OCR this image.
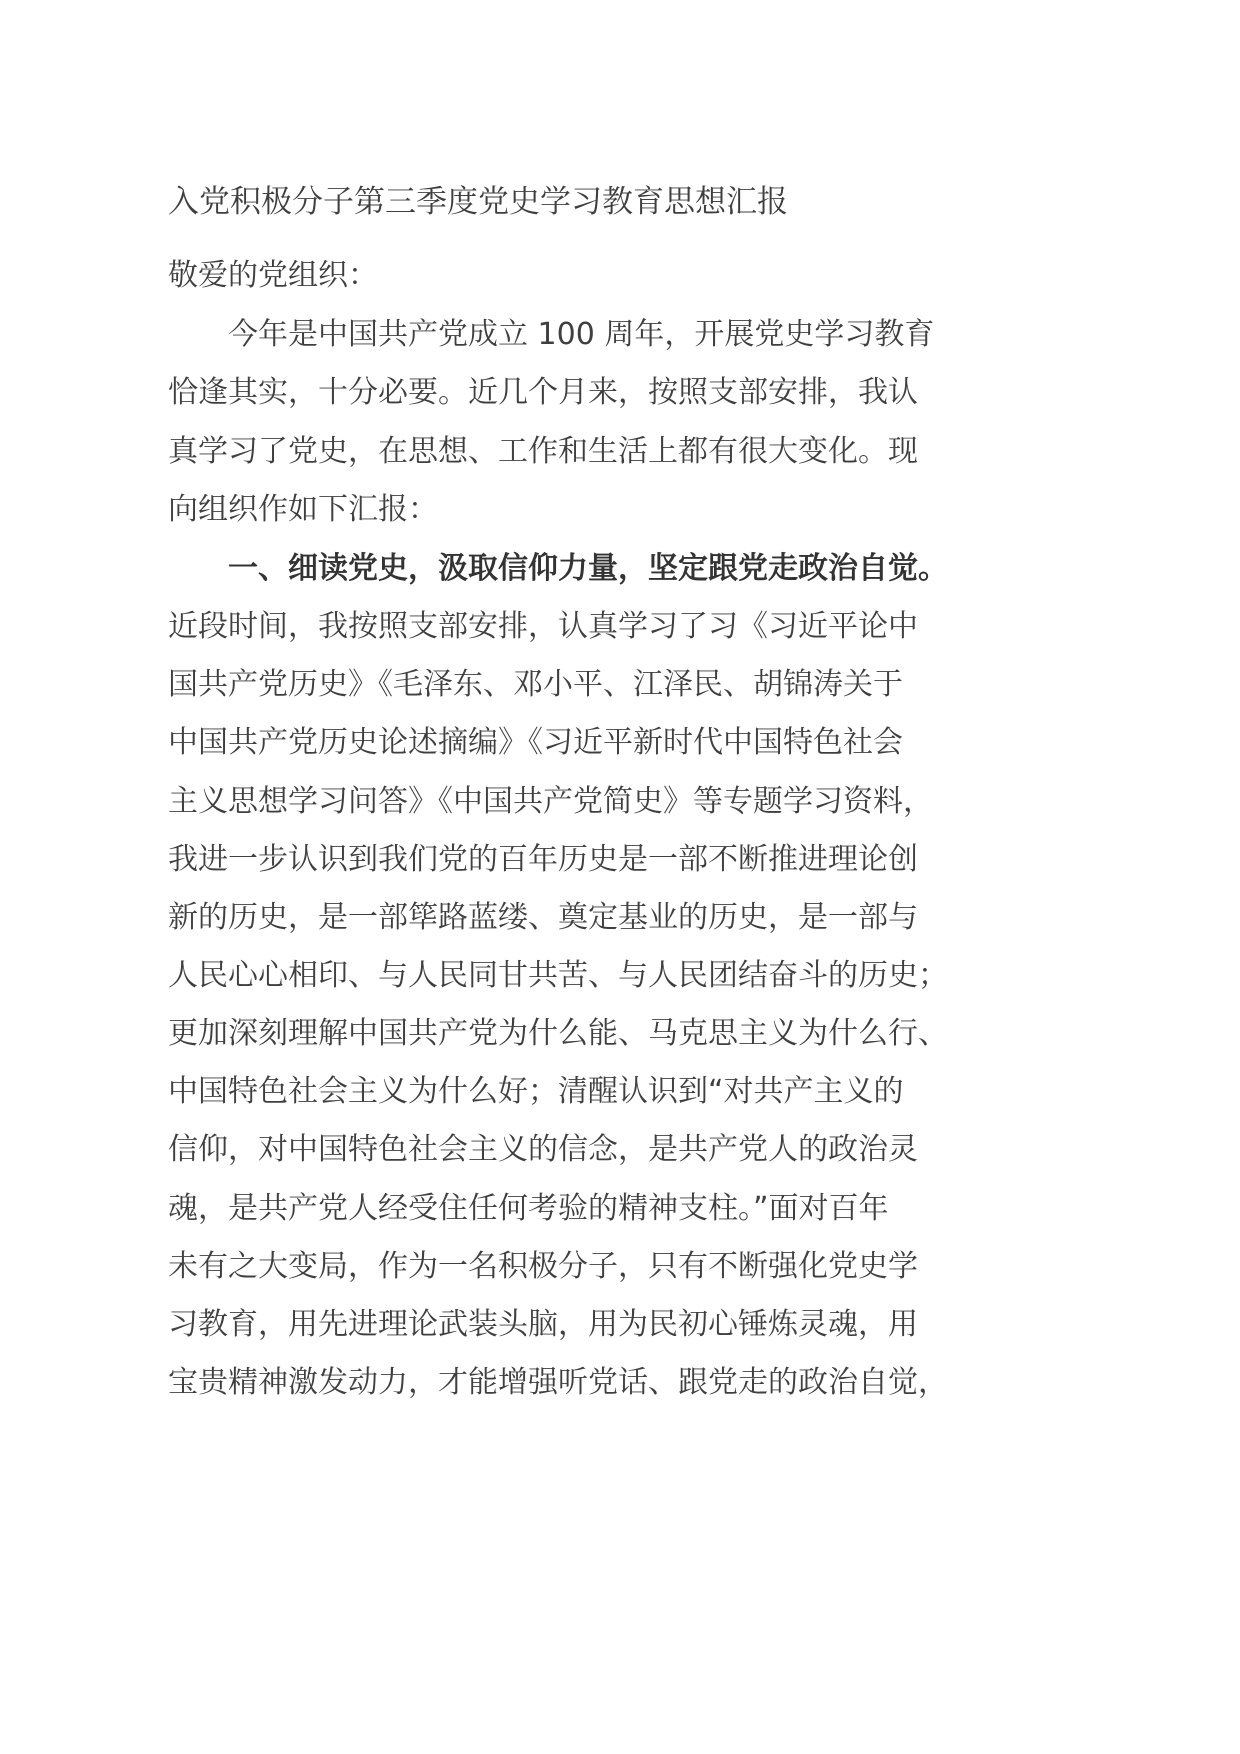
入党积极分子第三季度党史学习教育思想汇报
敬爱的党组织：
今年是中国共产党成立 100 周年，开展党史学习教育
恰逢其实，十分必要。近几个月来，按照支部安排，我认
真学习了党史，在思想、工作和生活上都有很大变化。现
向组织作如下汇报：
一、细读党史，汲取信仰力量，坚定跟党走政治自觉。
近段时间，我按照支部安排，认真学习了习《习近平论中
国共产党历史》《毛泽东、邓小平、江泽民、胡锦涛关于
中国共产党历史论述摘编》《习近平新时代中国特色社会
主义思想学习问答》《中国共产党简史》等专题学习资料，
我进一步认识到我们党的百年历史是一部不断推进理论创
新的历史，是一部筚路蓝缕、奠定基业的历史，是一部与
人民心心相印、与人民同甘共苦、与人民团结奋斗的历史；
更加深刻理解中国共产党为什么能、马克思主义为什么行、
中国特色社会主义为什么好；清醒认识到“对共产主义的
信仰，对中国特色社会主义的信念，是共产党人的政治灵
魂，是共产党人经受住任何考验的精神支柱。”面对百年
未有之大变局，作为一名积极分子，只有不断强化党史学
习教育，用先进理论武装头脑，用为民初心锤炼灵魂，用
宝贵精神激发动力，才能增强听党话、跟党走的政治自觉，
